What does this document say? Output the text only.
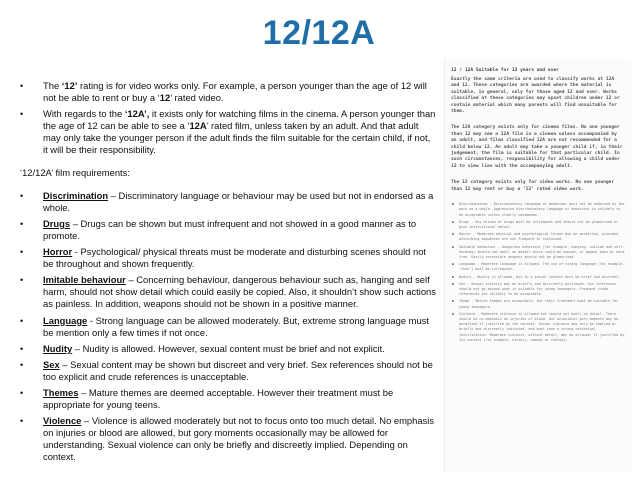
12/12A
• The ‘12’ rating is for video works only. For example, a person younger than the age of 12 will not be able to rent or buy a ‘12’ rated video.
• With regards to the ‘12A’, it exists only for watching films in the cinema. A person younger than the age of 12 can be able to see a ‘12A’ rated film, unless taken by an adult. And that adult may only take the younger person if the adult finds the film suitable for the certain child, if not, it will be their responsibility.
‘12/12A’ film requirements:
• Discrimination – Discriminatory language or behaviour may be used but not in endorsed as a whole.
• Drugs – Drugs can be shown but must infrequent and not showed in a good manner as to promote.
• Horror - Psychological/ physical threats must be moderate and disturbing scenes should not be throughout and shown frequently.
• Imitable behaviour – Concerning behaviour, dangerous behaviour such as, hanging and self harm, should not show detail which could easily be copied. Also, it shouldn’t show such actions as painless. In addition, weapons should not be shown in a positive manner.
• Language - Strong language can be allowed moderately. But, extreme strong language must be mention only a few times if not once.
• Nudity – Nudity is allowed. However, sexual content must be brief and not explicit.
• Sex – Sexual content may be shown but discreet and very brief. Sex references should not be too explicit and crude references is unacceptable.
• Themes – Mature themes are deemed acceptable. However their treatment must be appropriate for young teens.
• Violence – Violence is allowed moderately but not to focus onto too much detail. No emphasis on injuries or blood are allowed, but gory moments occasionally may be allowed for understanding. Sexual violence can only be briefly and discreetly implied. Depending on context.
12 / 12A Suitable for 12 years and over
Exactly the same criteria are used to classify works at 12A and 12. These categories are awarded where the material is suitable, in general, only for those aged 12 and over. Works classified at these categories may upset children under 12 or contain material which many parents will find unsuitable for them.
The 12A category exists only for cinema films. No one younger than 12 may see a 12A film in a cinema unless accompanied by an adult, and films classified 12A are not recommended for a child below 12. An adult may take a younger child if, in their judgement, the film is suitable for that particular child. In such circumstances, responsibility for allowing a child under 12 to view lies with the accompanying adult.
The 12 category exists only for video works. No one younger than 12 may rent or buy a ‘12’ rated video work.
■ Discrimination - Discriminatory language or behaviour must not be endorsed by the work as a whole. Aggressive discriminatory language or behaviour is unlikely to be acceptable unless clearly condemned.
■ Drugs - Any misuse of drugs must be infrequent and should not be glamorised or give instructional detail.
■ Horror - Moderate physical and psychological threat may be permitted, provided disturbing sequences are not frequent or sustained.
■ Imitable behaviour - Dangerous behaviour (for example, hanging, suicide and self-harming) should not dwell on detail which could be copied, or appear pain or harm free. Easily accessible weapons should not be glamorised.
■ Language - Moderate language is allowed. The use of strong language (for example, ‘fuck’) must be infrequent.
■ Nudity - Nudity is allowed, but in a sexual context must be brief and discreet.
■ Sex - Sexual activity may be briefly and discreetly portrayed. Sex references should not go beyond what is suitable for young teenagers. Frequent crude references are unlikely to be acceptable.
■ Theme - Mature themes are acceptable, but their treatment must be suitable for young teenagers.
■ Violence - Moderate violence is allowed but should not dwell on detail. There should be no emphasis on injuries or blood, but occasional gory moments may be permitted if justified by the context. Sexual violence may only be implied or briefly and discreetly indicated, and must have a strong contextual justification. Moderate violence, without detail, may be allowed, if justified by its context (for example, history, comedy or fantasy).
